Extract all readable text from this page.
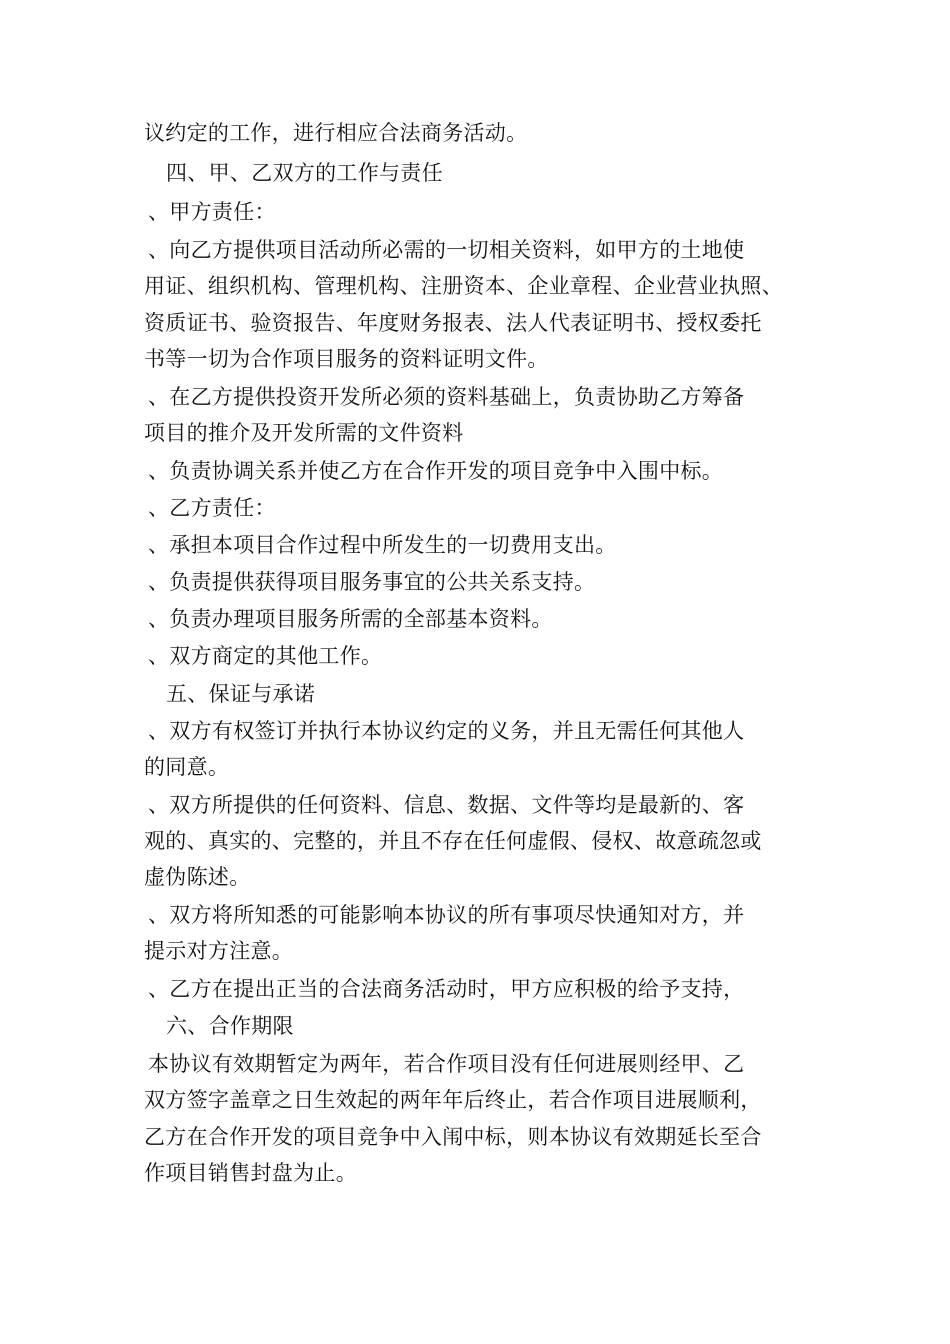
议约定的工作，进行相应合法商务活动。
四、甲、乙双方的工作与责任
、甲方责任：
、向乙方提供项目活动所必需的一切相关资料，如甲方的土地使
用证、组织机构、管理机构、注册资本、企业章程、企业营业执照、
资质证书、验资报告、年度财务报表、法人代表证明书、授权委托
书等一切为合作项目服务的资料证明文件。
、在乙方提供投资开发所必须的资料基础上，负责协助乙方筹备
项目的推介及开发所需的文件资料
、负责协调关系并使乙方在合作开发的项目竞争中入围中标。
、乙方责任：
、承担本项目合作过程中所发生的一切费用支出。
、负责提供获得项目服务事宜的公共关系支持。
、负责办理项目服务所需的全部基本资料。
、双方商定的其他工作。
五、保证与承诺
、双方有权签订并执行本协议约定的义务，并且无需任何其他人
的同意。
、双方所提供的任何资料、信息、数据、文件等均是最新的、客
观的、真实的、完整的，并且不存在任何虚假、侵权、故意疏忽或
虚伪陈述。
、双方将所知悉的可能影响本协议的所有事项尽快通知对方，并
提示对方注意。
、乙方在提出正当的合法商务活动时，甲方应积极的给予支持，
六、合作期限
本协议有效期暂定为两年，若合作项目没有任何进展则经甲、乙
双方签字盖章之日生效起的两年年后终止，若合作项目进展顺利，
乙方在合作开发的项目竞争中入闱中标，则本协议有效期延长至合
作项目销售封盘为止。
